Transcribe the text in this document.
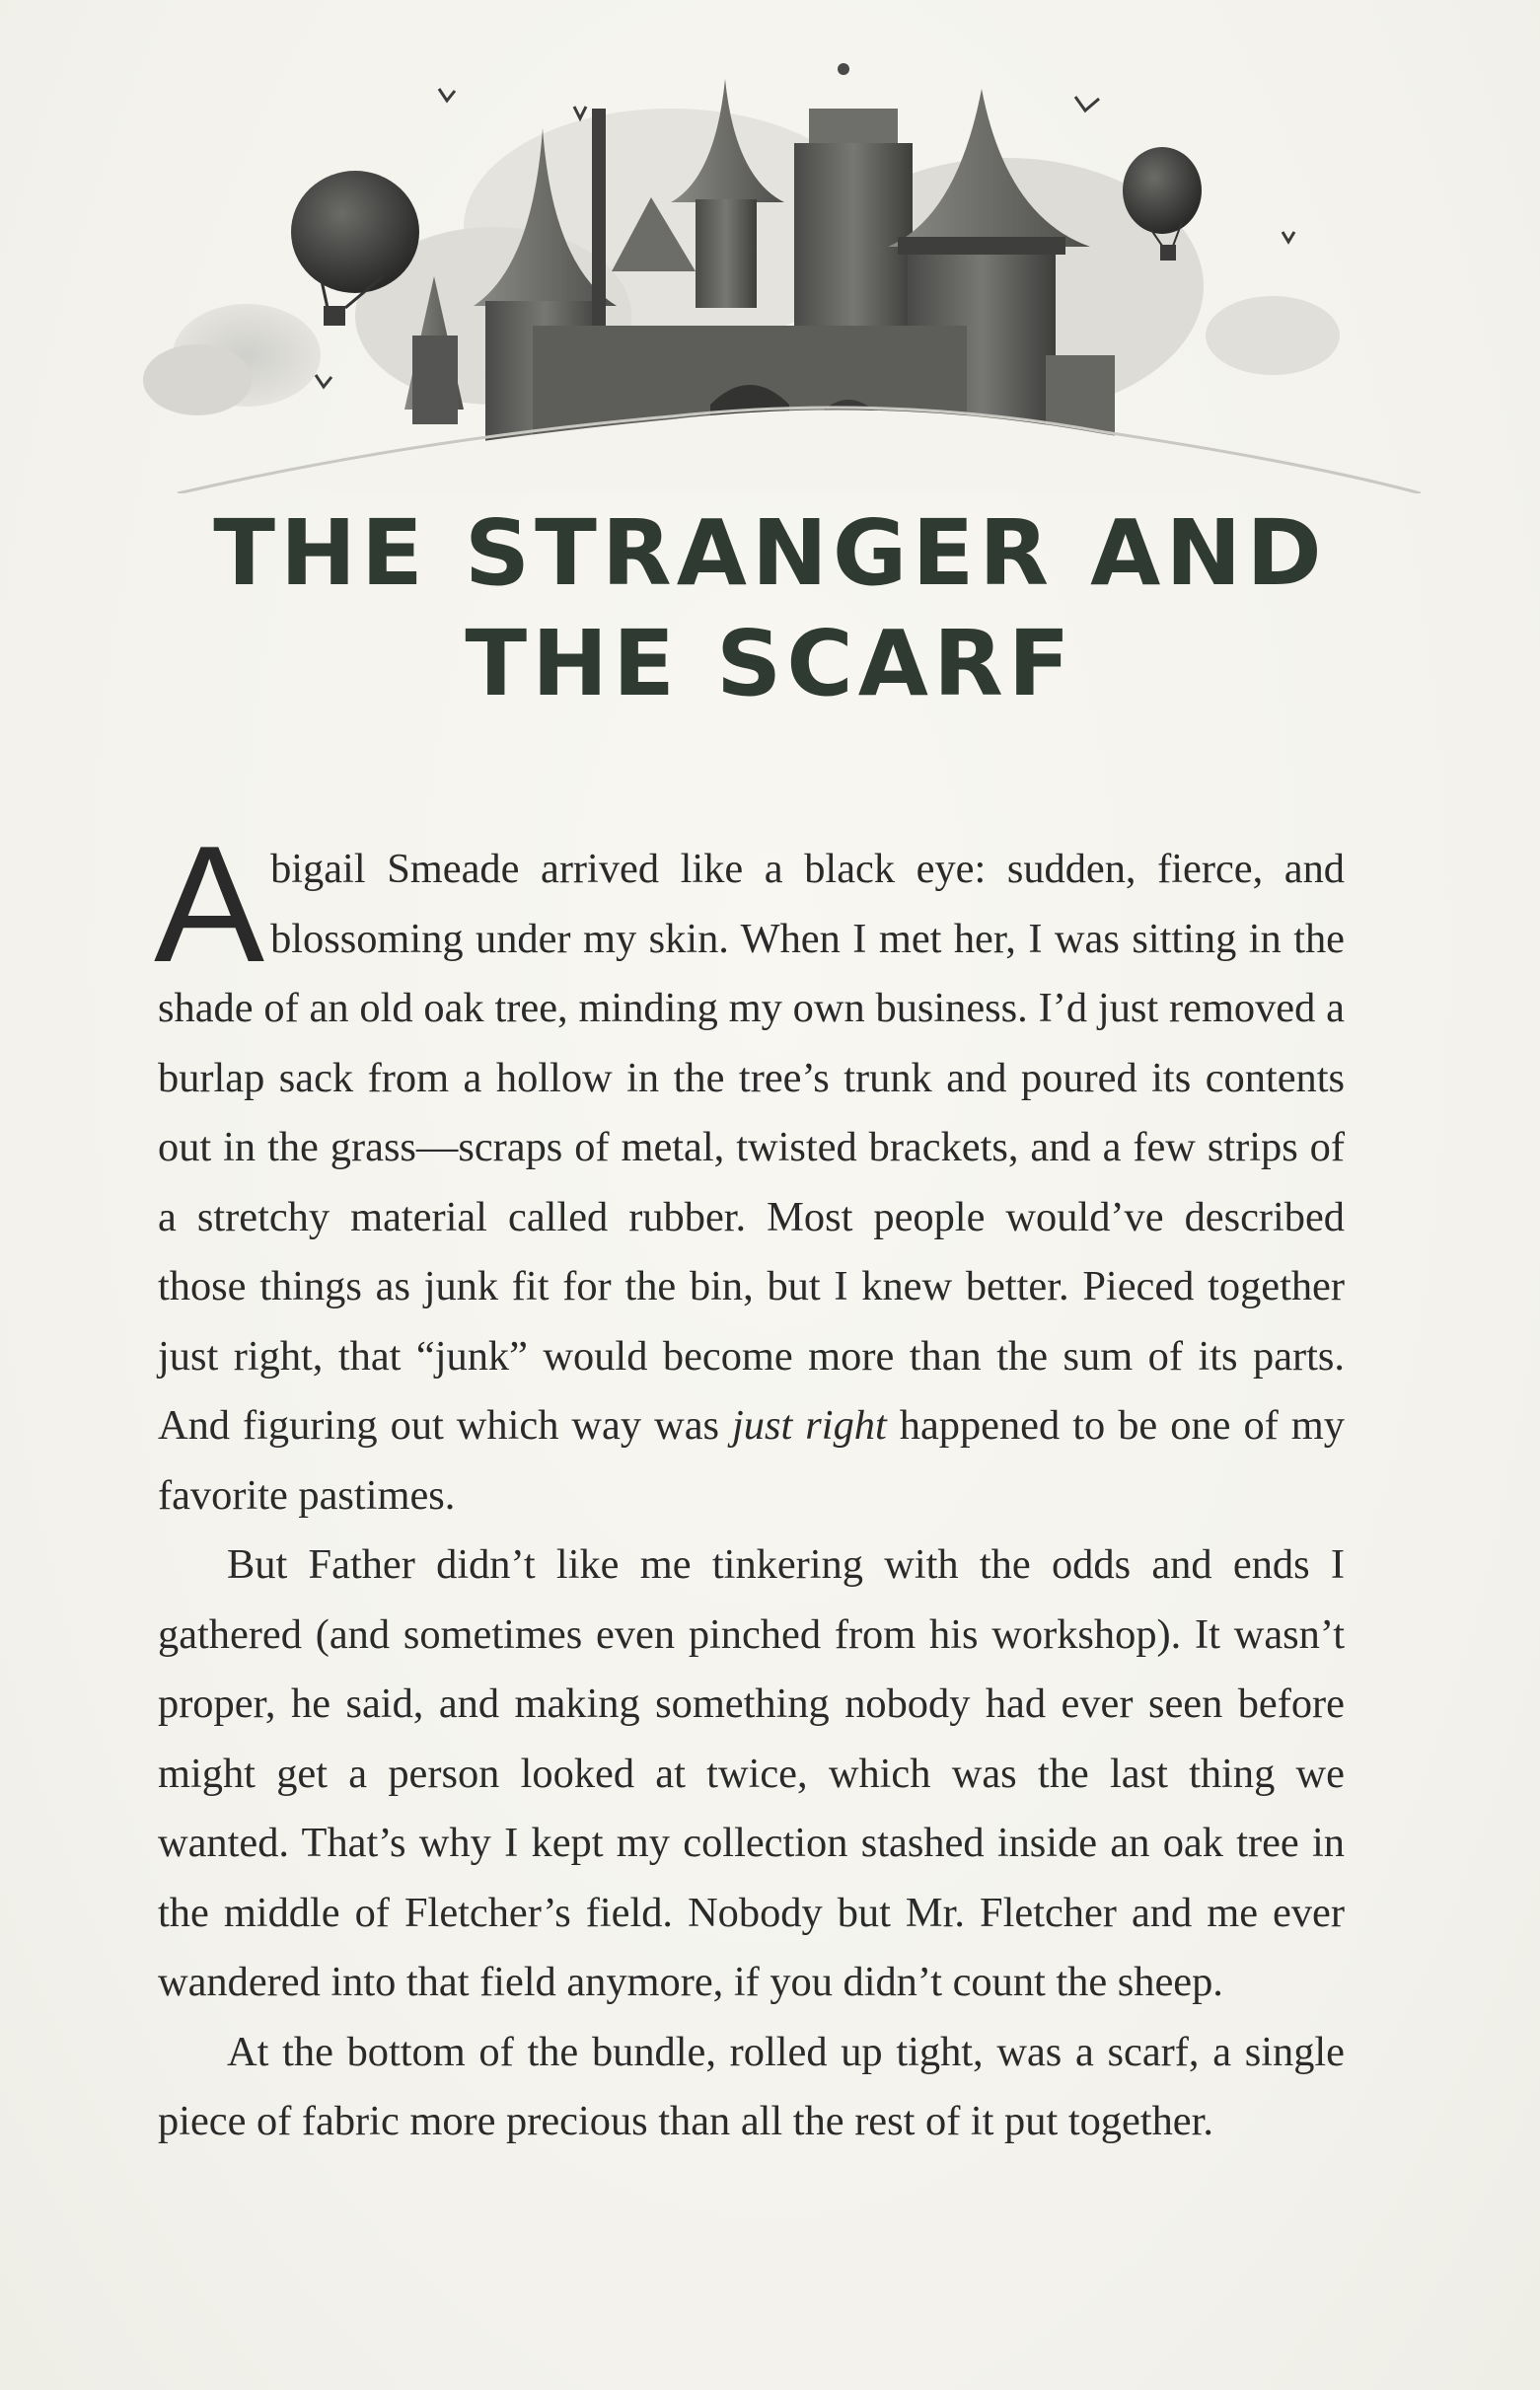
THE STRANGER AND
THE SCARF

Abigail Smeade arrived like a black eye: sudden, fierce, and blossoming under my skin. When I met her, I was sitting in the shade of an old oak tree, minding my own business. I’d just removed a burlap sack from a hollow in the tree’s trunk and poured its contents out in the grass—scraps of metal, twisted brackets, and a few strips of a stretchy material called rubber. Most people would’ve described those things as junk fit for the bin, but I knew better. Pieced together just right, that “junk” would become more than the sum of its parts. And figuring out which way was just right happened to be one of my favorite pastimes.

But Father didn’t like me tinkering with the odds and ends I gathered (and sometimes even pinched from his workshop). It wasn’t proper, he said, and making something nobody had ever seen before might get a person looked at twice, which was the last thing we wanted. That’s why I kept my collection stashed inside an oak tree in the middle of Fletcher’s field. Nobody but Mr. Fletcher and me ever wandered into that field anymore, if you didn’t count the sheep.

At the bottom of the bundle, rolled up tight, was a scarf, a single piece of fabric more precious than all the rest of it put together.
